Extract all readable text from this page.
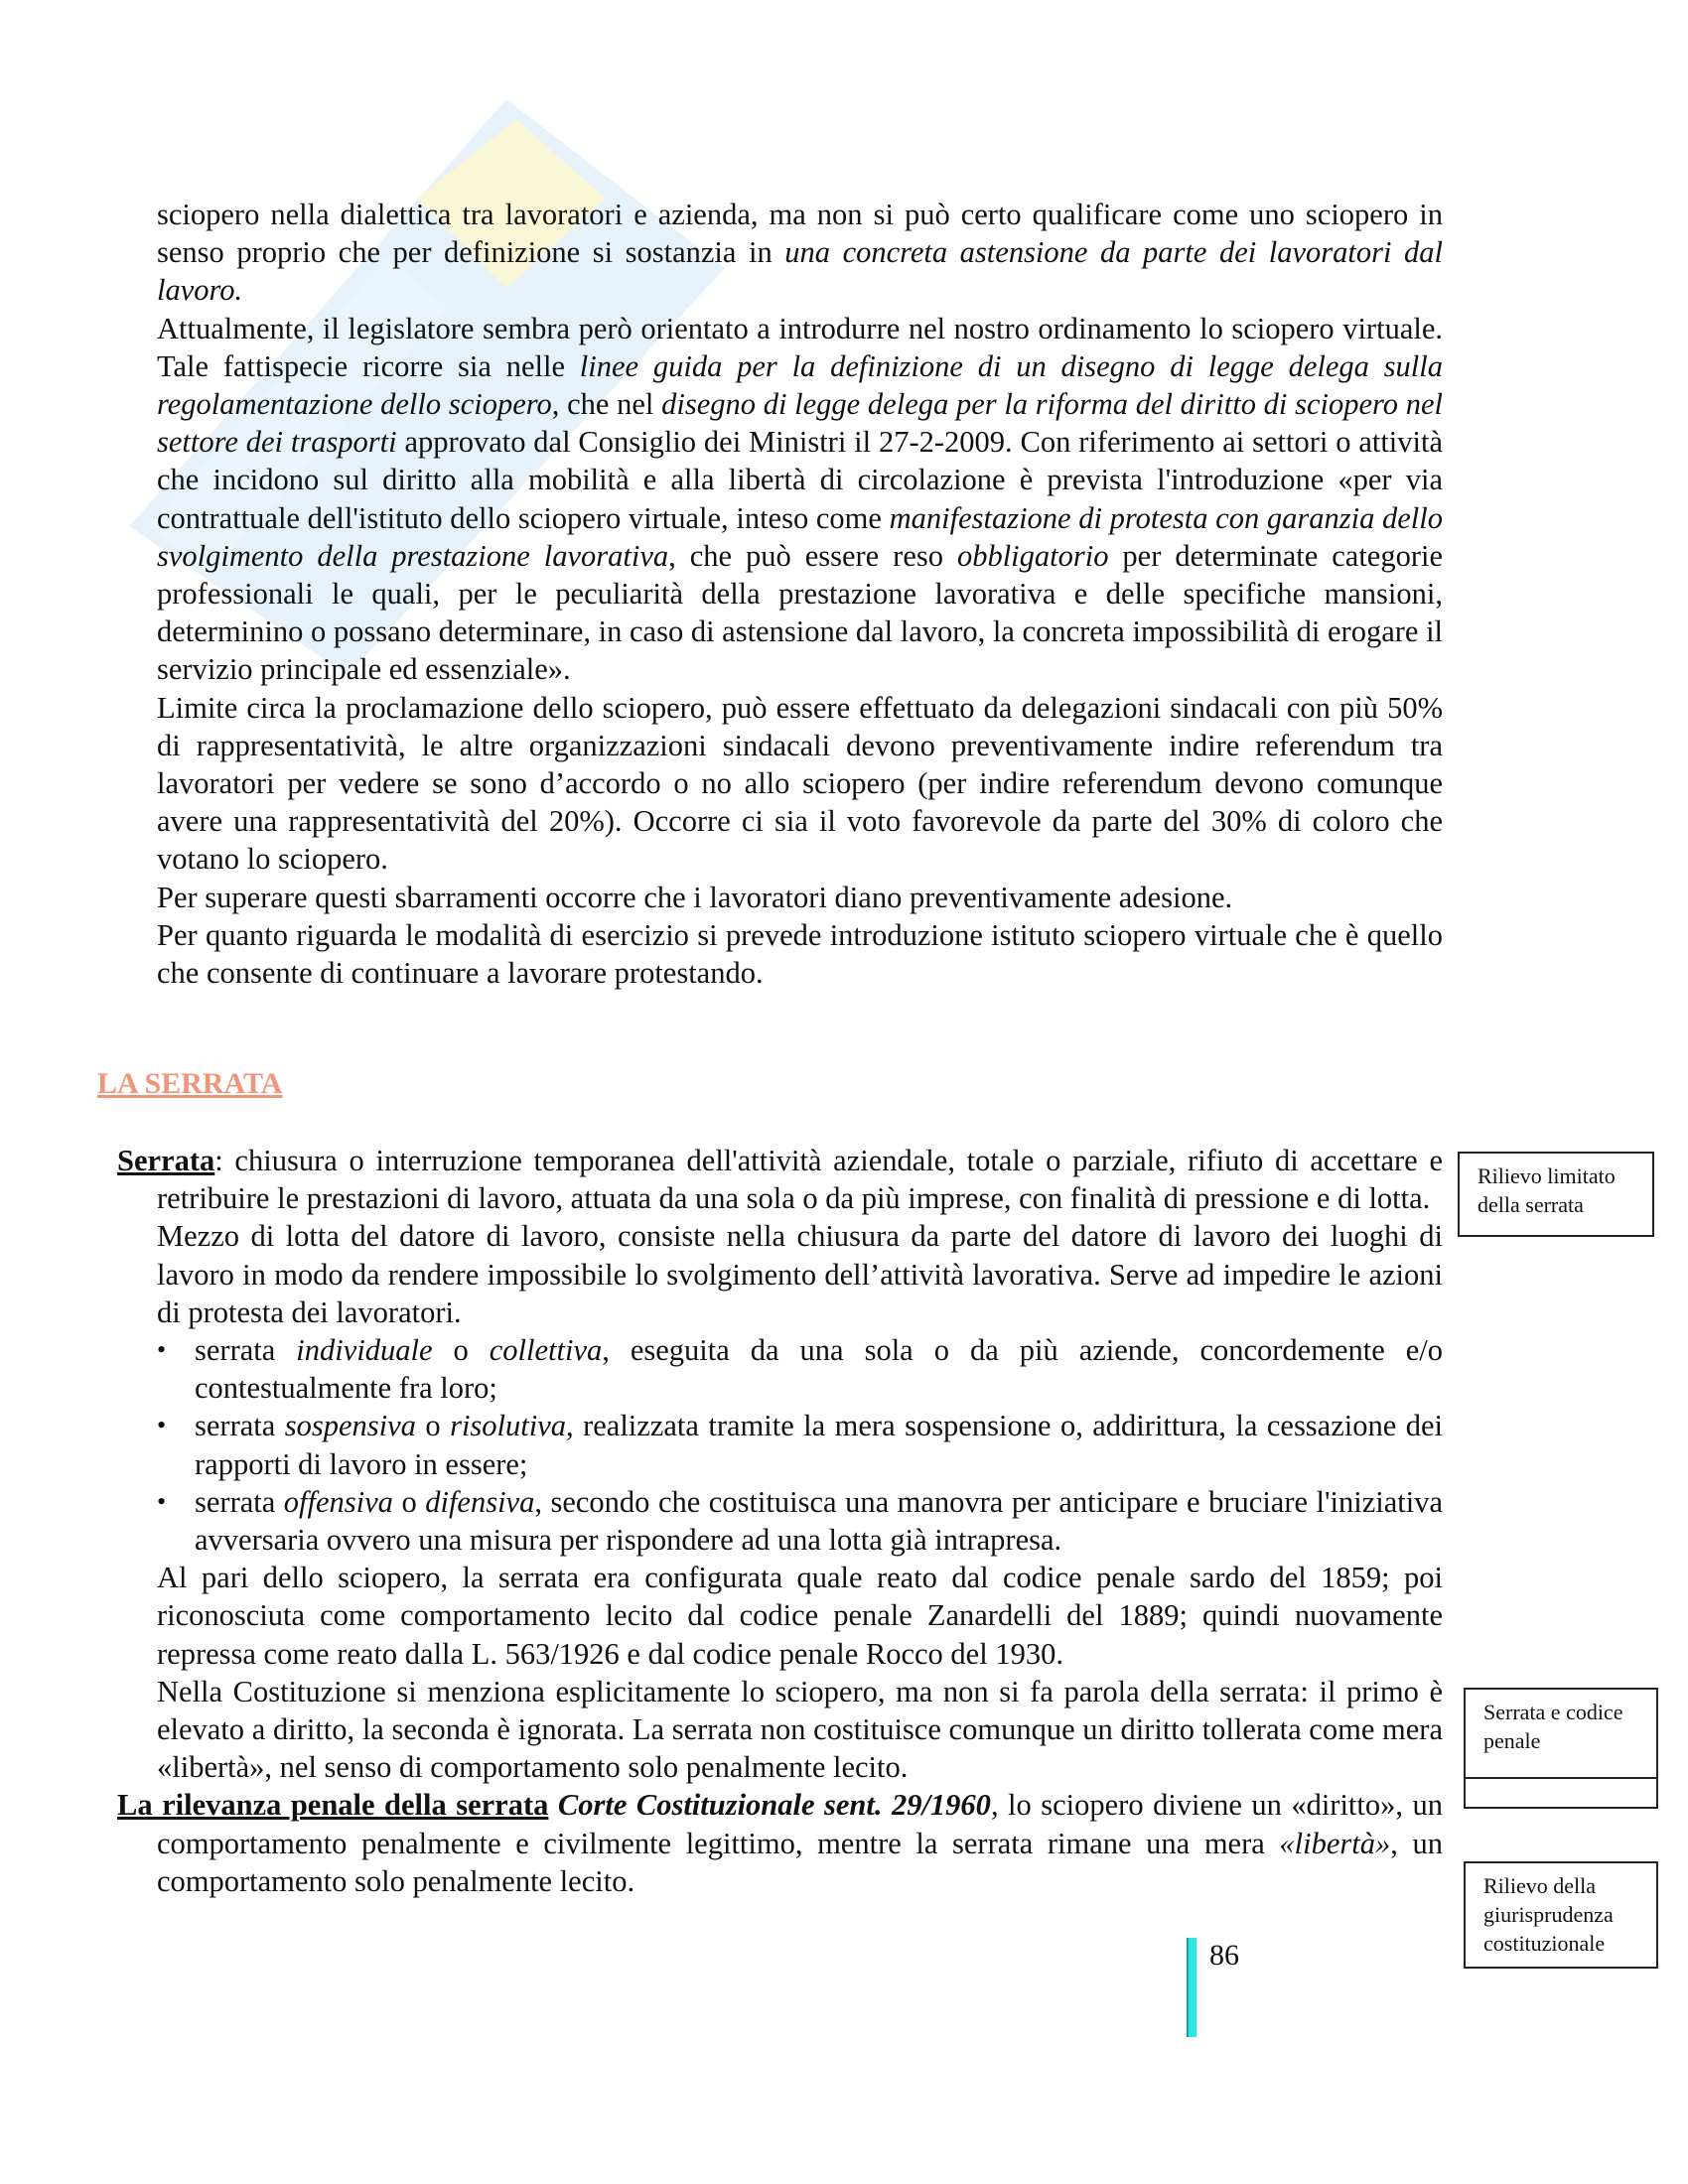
sciopero nella dialettica tra lavoratori e azienda, ma non si può certo qualificare come uno sciopero in senso proprio che per definizione si sostanzia in una concreta astensione da parte dei lavoratori dal lavoro.

Attualmente, il legislatore sembra però orientato a introdurre nel nostro ordinamento lo sciopero virtuale. Tale fattispecie ricorre sia nelle linee guida per la definizione di un disegno di legge delega sulla regolamentazione dello sciopero, che nel disegno di legge delega per la riforma del diritto di sciopero nel settore dei trasporti approvato dal Consiglio dei Ministri il 27-2-2009. Con riferimento ai settori o attività che incidono sul diritto alla mobilità e alla libertà di circolazione è prevista l'introduzione «per via contrattuale dell'istituto dello sciopero virtuale, inteso come manifestazione di protesta con garanzia dello svolgimento della prestazione lavorativa, che può essere reso obbligatorio per determinate categorie professionali le quali, per le peculiarità della prestazione lavorativa e delle specifiche mansioni, determinino o possano determinare, in caso di astensione dal lavoro, la concreta impossibilità di erogare il servizio principale ed essenziale».

Limite circa la proclamazione dello sciopero, può essere effettuato da delegazioni sindacali con più 50% di rappresentatività, le altre organizzazioni sindacali devono preventivamente indire referendum tra lavoratori per vedere se sono d’accordo o no allo sciopero (per indire referendum devono comunque avere una rappresentatività del 20%). Occorre ci sia il voto favorevole da parte del 30% di coloro che votano lo sciopero.

Per superare questi sbarramenti occorre che i lavoratori diano preventivamente adesione.

Per quanto riguarda le modalità di esercizio si prevede introduzione istituto sciopero virtuale che è quello che consente di continuare a lavorare protestando.

LA SERRATA

Serrata: chiusura o interruzione temporanea dell'attività aziendale, totale o parziale, rifiuto di accettare e retribuire le prestazioni di lavoro, attuata da una sola o da più imprese, con finalità di pressione e di lotta.

Mezzo di lotta del datore di lavoro, consiste nella chiusura da parte del datore di lavoro dei luoghi di lavoro in modo da rendere impossibile lo svolgimento dell’attività lavorativa. Serve ad impedire le azioni di protesta dei lavoratori.

• serrata individuale o collettiva, eseguita da una sola o da più aziende, concordemente e/o contestualmente fra loro;
• serrata sospensiva o risolutiva, realizzata tramite la mera sospensione o, addirittura, la cessazione dei rapporti di lavoro in essere;
• serrata offensiva o difensiva, secondo che costituisca una manovra per anticipare e bruciare l'iniziativa avversaria ovvero una misura per rispondere ad una lotta già intrapresa.

Al pari dello sciopero, la serrata era configurata quale reato dal codice penale sardo del 1859; poi riconosciuta come comportamento lecito dal codice penale Zanardelli del 1889; quindi nuovamente repressa come reato dalla L. 563/1926 e dal codice penale Rocco del 1930.

Nella Costituzione si menziona esplicitamente lo sciopero, ma non si fa parola della serrata: il primo è elevato a diritto, la seconda è ignorata. La serrata non costituisce comunque un diritto tollerata come mera «libertà», nel senso di comportamento solo penalmente lecito.

La rilevanza penale della serrata Corte Costituzionale sent. 29/1960, lo sciopero diviene un «diritto», un comportamento penalmente e civilmente legittimo, mentre la serrata rimane una mera «libertà», un comportamento solo penalmente lecito.

Rilievo limitato della serrata
Serrata e codice penale
Rilievo della giurisprudenza costituzionale
86
